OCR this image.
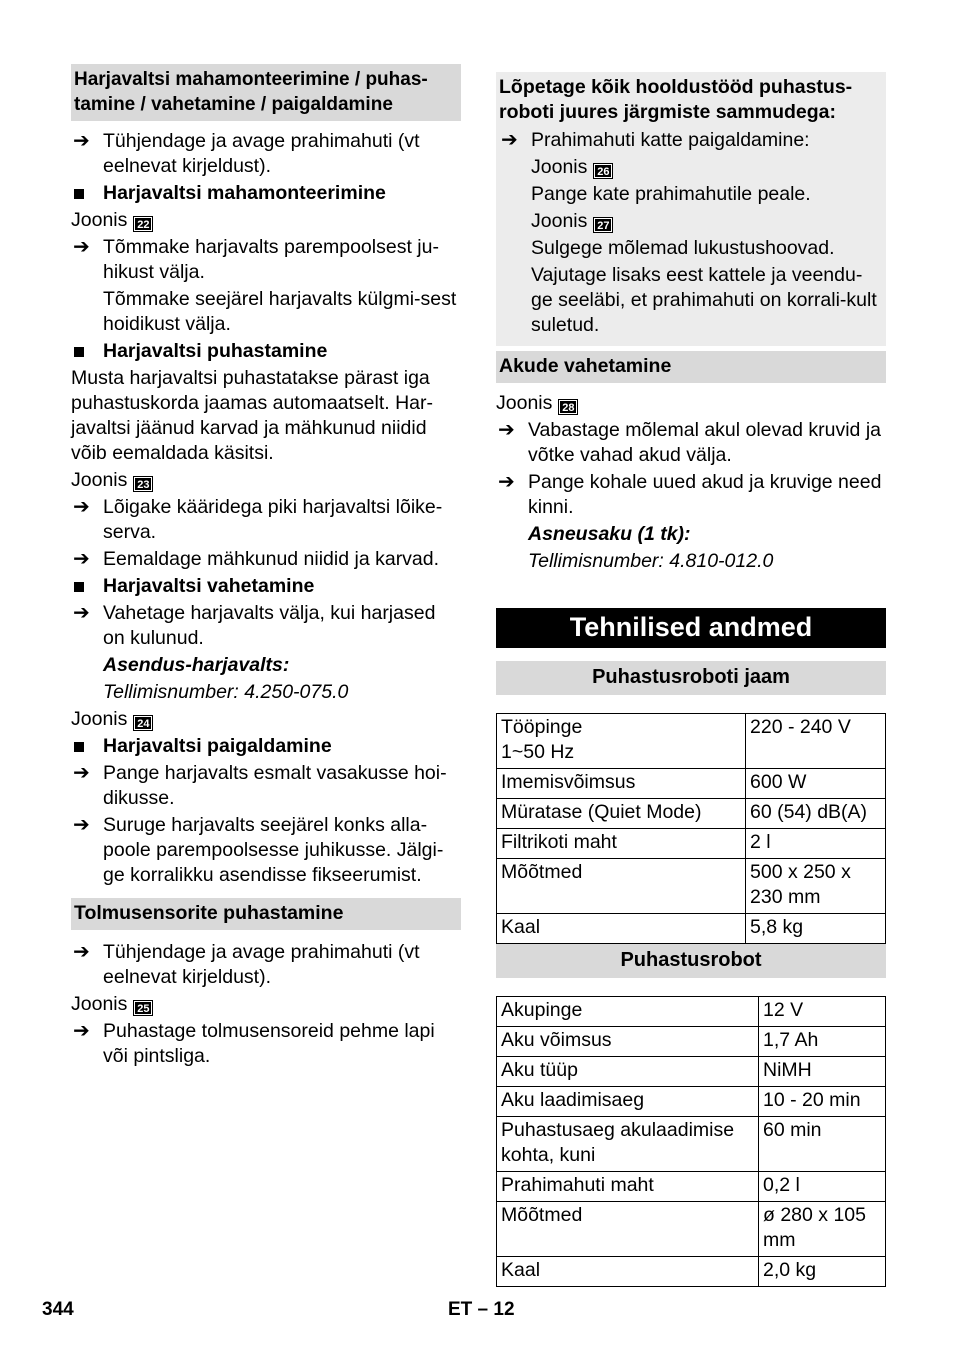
Harjavaltsi mahamonteerimine / puhas-tamine / vahetamine / paigaldamine
➔ Tühjendage ja avage prahimahuti (vt eelnevat kirjeldust).
Harjavaltsi mahamonteerimine
Joonis 22
➔ Tõmmake harjavalts parempoolsest ju-hikust välja.
Tõmmake seejärel harjavalts külgmi-sest hoidikust välja.
Harjavaltsi puhastamine
Musta harjavaltsi puhastatakse pärast iga puhastuskorda jaamas automaatselt. Har-javaltsi jäänud karvad ja mähkunud niidid võib eemaldada käsitsi.
Joonis 23
➔ Lõigake kääridega piki harjavaltsi lõike-serva.
➔ Eemaldage mähkunud niidid ja karvad.
Harjavaltsi vahetamine
➔ Vahetage harjavalts välja, kui harjased on kulunud.
Asendus-harjavalts:
Tellimisnumber: 4.250-075.0
Joonis 24
Harjavaltsi paigaldamine
➔ Pange harjavalts esmalt vasakusse hoi-dikusse.
➔ Suruge harjavalts seejärel konks alla-poole parempoolsesse juhikusse. Jälgi-ge korralikku asendisse fikseerumist.
Tolmusensorite puhastamine
➔ Tühjendage ja avage prahimahuti (vt eelnevat kirjeldust).
Joonis 25
➔ Puhastage tolmusensoreid pehme lapi või pintsliga.
Lõpetage kõik hooldustööd puhastus-roboti juures järgmiste sammudega:
➔ Prahimahuti katte paigaldamine:
Joonis 26
Pange kate prahimahutile peale.
Joonis 27
Sulgege mõlemad lukustushoovad.
Vajutage lisaks eest kattele ja veendu-ge seeläbi, et prahimahuti on korrali-kult suletud.
Akude vahetamine
Joonis 28
➔ Vabastage mõlemal akul olevad kruvid ja võtke vahad akud välja.
➔ Pange kohale uued akud ja kruvige need kinni.
Asneusaku (1 tk):
Tellimisnumber: 4.810-012.0
Tehnilised andmed
Puhastusroboti jaam
Tööpinge
1~50 Hz	220 - 240 V
Imemisvõimsus	600 W
Müratase (Quiet Mode)	60 (54) dB(A)
Filtrikoti maht	2 l
Mõõtmed	500 x 250 x 230 mm
Kaal	5,8 kg
Puhastusrobot
Akupinge	12 V
Aku võimsus	1,7 Ah
Aku tüüp	NiMH
Aku laadimisaeg	10 - 20 min
Puhastusaeg akulaadimise kohta, kuni	60 min
Prahimahuti maht	0,2 l
Mõõtmed	ø 280 x 105 mm
Kaal	2,0 kg
344	ET – 12
